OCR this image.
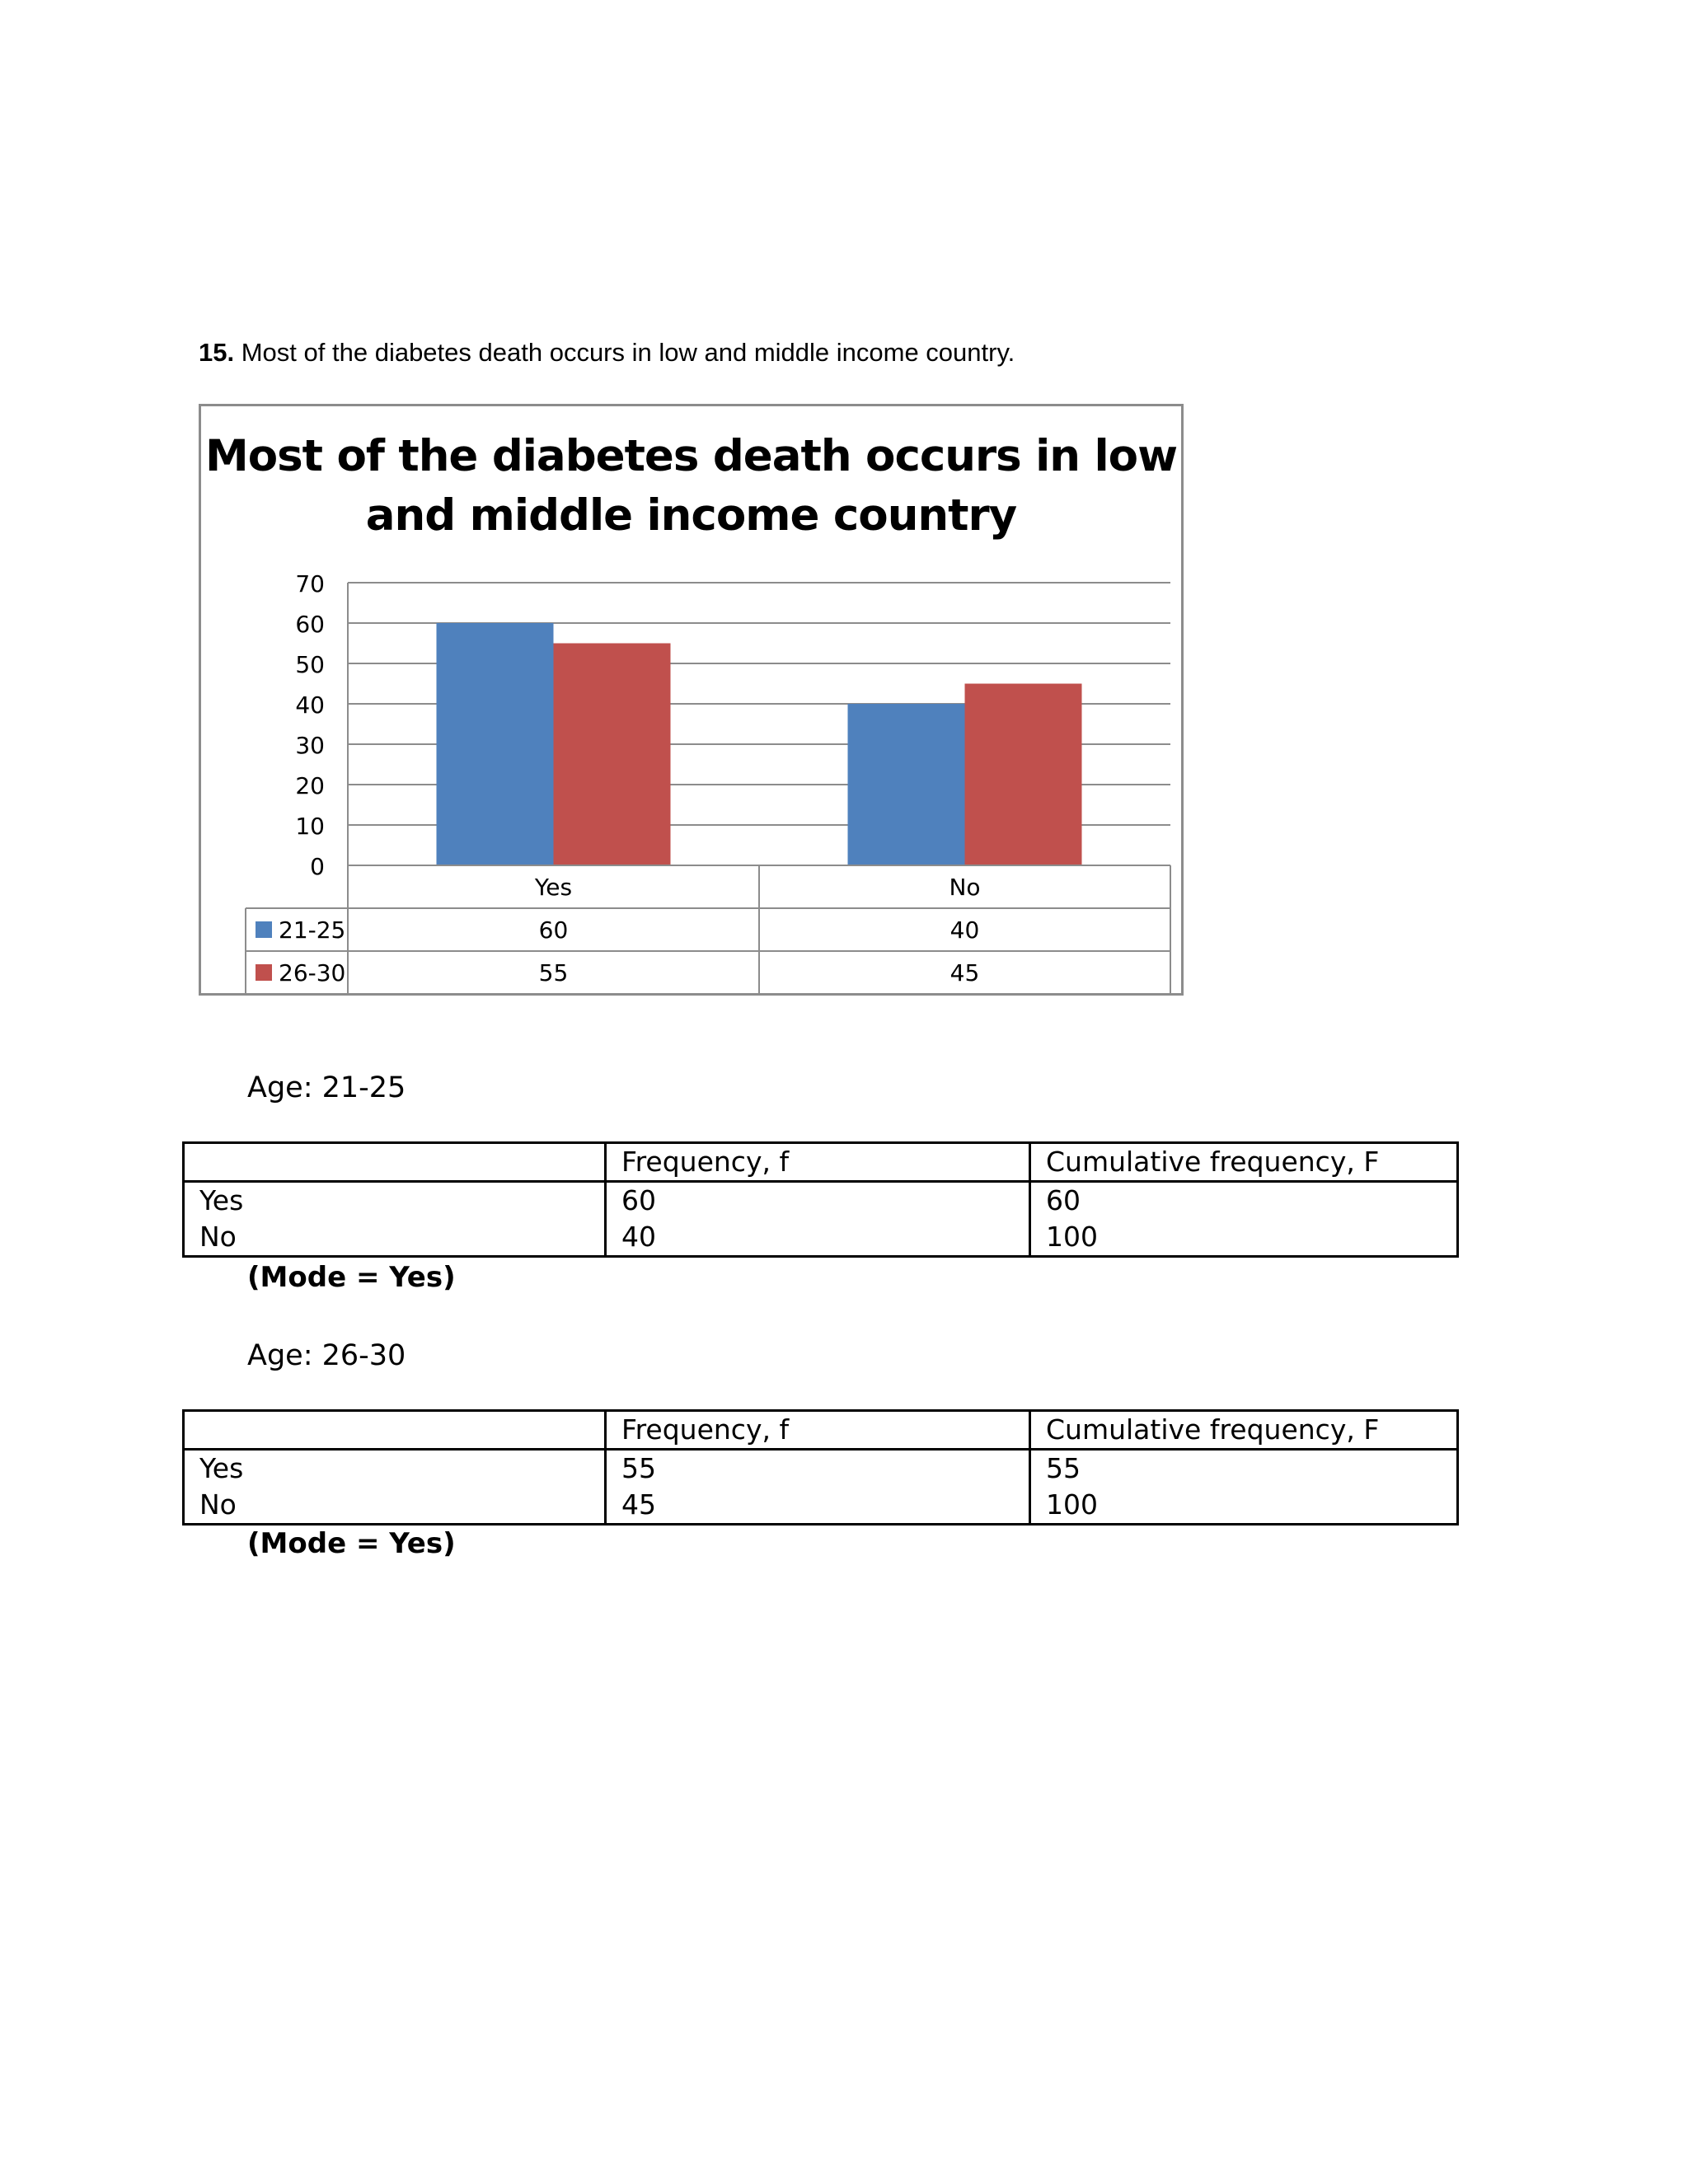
15. Most of the diabetes death occurs in low and middle income country.
Most of the diabetes death occurs in low and middle income country
0
10
20
30
40
50
60
70
Yes	No
21-25	60	40
26-30	55	45
Age: 21-25
	Frequency, f	Cumulative frequency, F
Yes	60	60
No	40	100
(Mode = Yes)
Age: 26-30
	Frequency, f	Cumulative frequency, F
Yes	55	55
No	45	100
(Mode = Yes)
